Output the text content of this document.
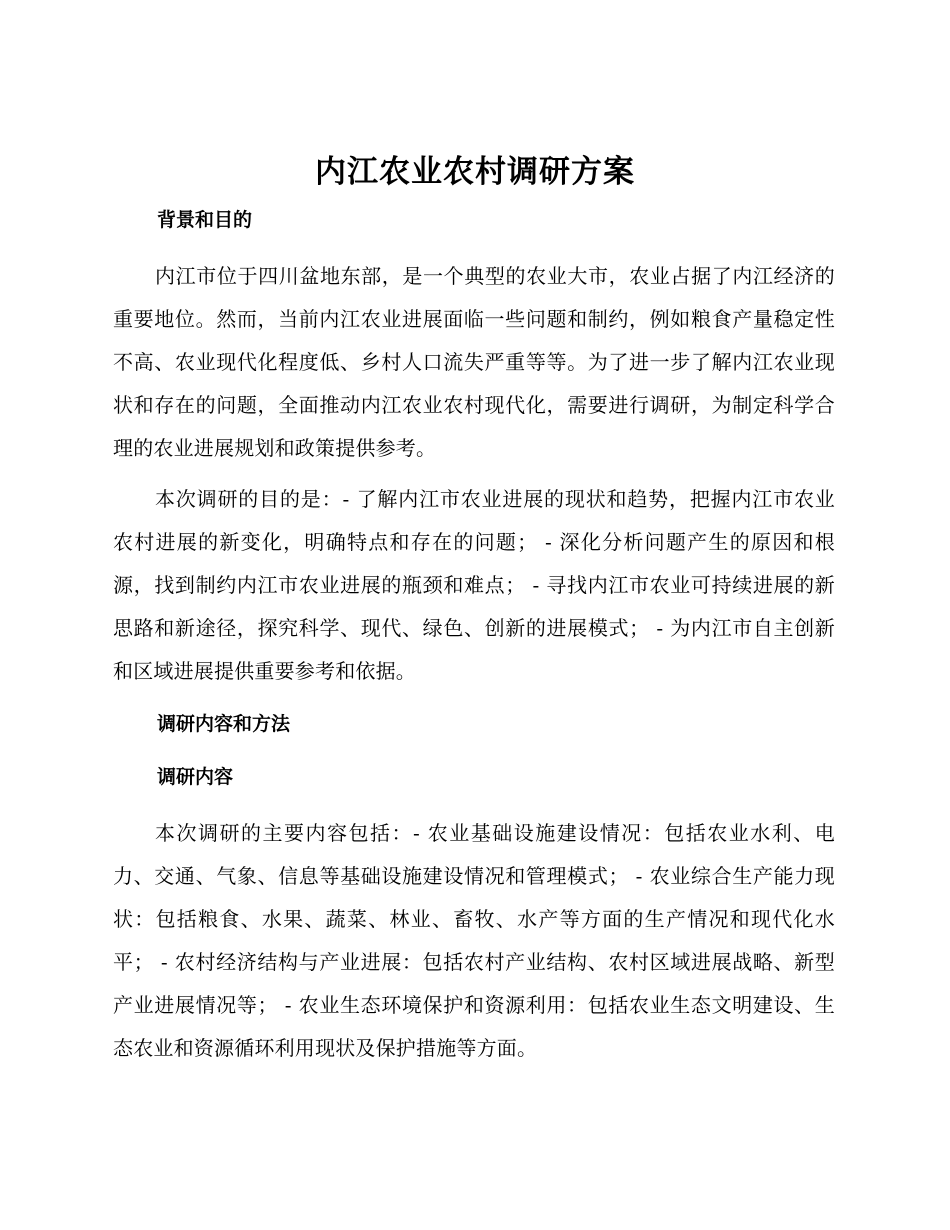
内江农业农村调研方案
背景和目的

内江市位于四川盆地东部，是一个典型的农业大市，农业占据了内江经济的重要地位。然而，当前内江农业进展面临一些问题和制约，例如粮食产量稳定性不高、农业现代化程度低、乡村人口流失严重等等。为了进一步了解内江农业现状和存在的问题，全面推动内江农业农村现代化，需要进行调研，为制定科学合理的农业进展规划和政策提供参考。

本次调研的目的是：- 了解内江市农业进展的现状和趋势，把握内江市农业农村进展的新变化，明确特点和存在的问题； - 深化分析问题产生的原因和根源，找到制约内江市农业进展的瓶颈和难点； - 寻找内江市农业可持续进展的新思路和新途径，探究科学、现代、绿色、创新的进展模式； - 为内江市自主创新和区域进展提供重要参考和依据。

调研内容和方法
调研内容

本次调研的主要内容包括：- 农业基础设施建设情况：包括农业水利、电力、交通、气象、信息等基础设施建设情况和管理模式； - 农业综合生产能力现状：包括粮食、水果、蔬菜、林业、畜牧、水产等方面的生产情况和现代化水平； - 农村经济结构与产业进展：包括农村产业结构、农村区域进展战略、新型产业进展情况等； - 农业生态环境保护和资源利用：包括农业生态文明建设、生态农业和资源循环利用现状及保护措施等方面。
